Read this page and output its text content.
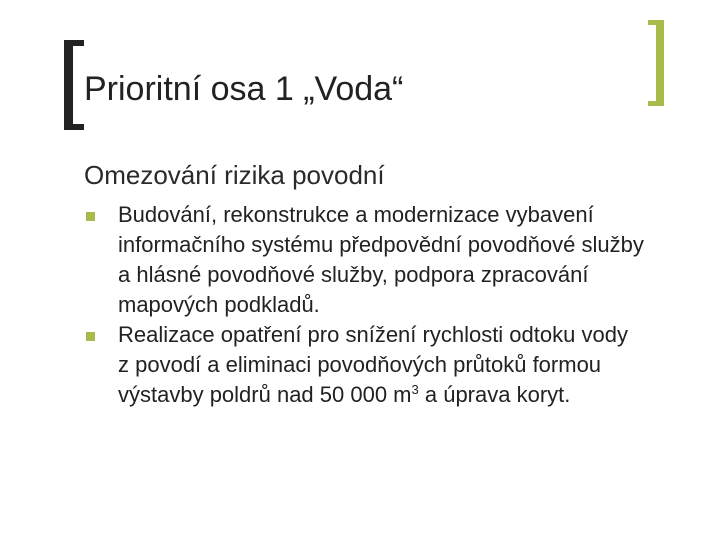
Prioritní osa 1 „Voda“
Omezování rizika povodní
Budování, rekonstrukce a modernizace vybavení informačního systému předpovědní povodňové služby a hlásné povodňové služby, podpora zpracování mapových podkladů.
Realizace opatření pro snížení rychlosti odtoku vody z povodí a eliminaci povodňových průtoků formou výstavby poldrů nad 50 000 $m^3$ a úprava koryt.
